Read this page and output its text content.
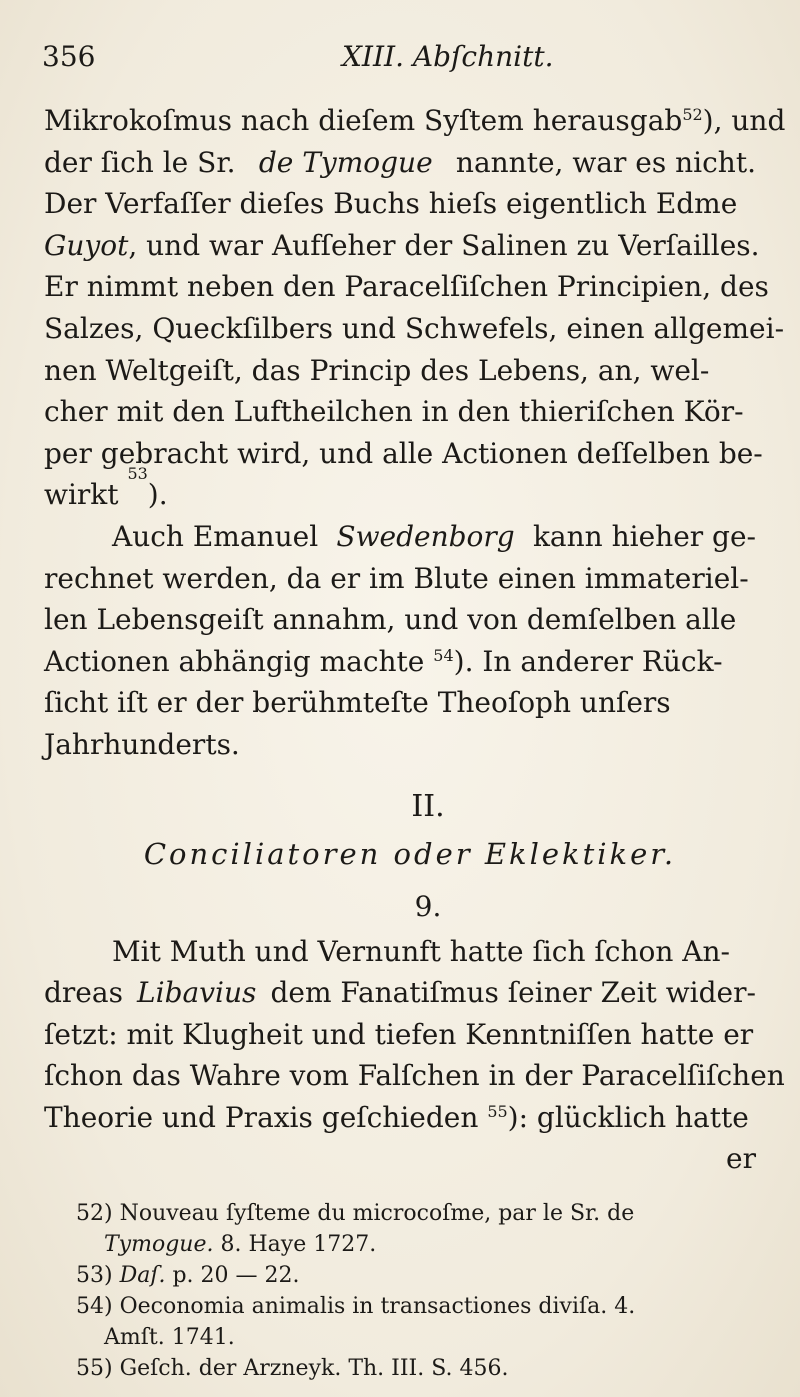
356	XIII. Abſchnitt.
Mikrokoſmus nach dieſem Syſtem herausgab $^{52}$), und
der ſich le Sr. de Tymogue nannte, war es nicht.
Der Verfaſſer dieſes Buchs hieſs eigentlich Edme
Guyot, und war Aufſeher der Salinen zu Verſailles.
Er nimmt neben den Paracelſiſchen Principien, des
Salzes, Queckſilbers und Schwefels, einen allgemei-
nen Weltgeiſt, das Princip des Lebens, an, wel-
cher mit den Luftheilchen in den thieriſchen Kör-
per gebracht wird, und alle Actionen deſſelben be-
wirkt

53
).
Auch Emanuel Swedenborg kann hieher ge-
rechnet werden, da er im Blute einen immateriel-
len Lebensgeiſt annahm, und von demſelben alle
Actionen abhängig machte $^{54}$). In anderer Rück-
ſicht iſt er der berühmteſte Theoſoph unſers
Jahrhunderts.
II.
Conciliatoren oder Eklektiker.
9.
Mit Muth und Vernunft hatte ſich ſchon An-
dreas Libavius dem Fanatiſmus ſeiner Zeit wider-
ſetzt: mit Klugheit und tiefen Kenntniſſen hatte er
ſchon das Wahre vom Falſchen in der Paracelſiſchen
Theorie und Praxis geſchieden $^{55}$): glücklich hatte
er
52) Nouveau ſyſteme du microcoſme, par le Sr. de
Tymogue. 8. Haye 1727.
53)
Daſ.
p. 20 — 22.
54) Oeconomia animalis in transactiones diviſa. 4.
Amſt. 1741.
55) Geſch. der Arzneyk. Th. III. S. 456.
